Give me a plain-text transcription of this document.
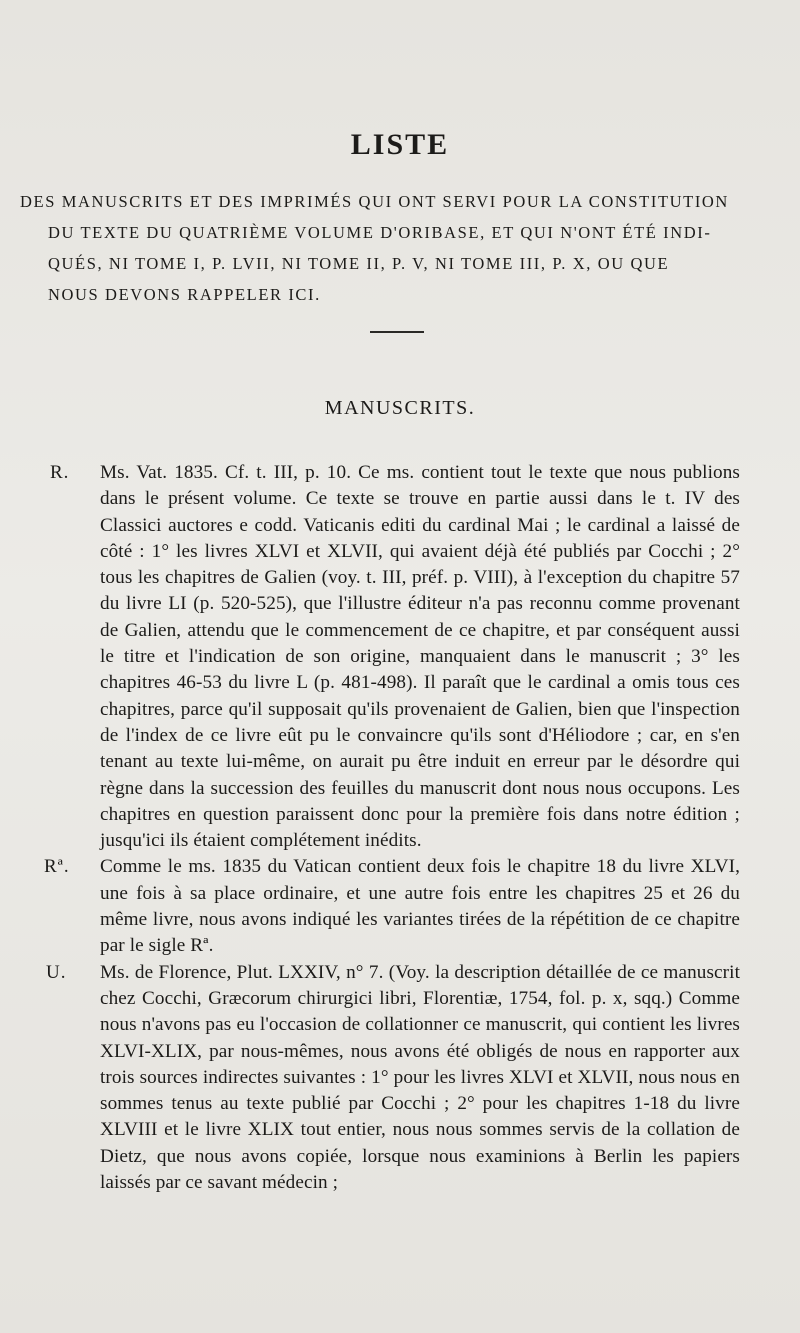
LISTE
DES MANUSCRITS ET DES IMPRIMÉS QUI ONT SERVI POUR LA CONSTITUTION
DU TEXTE DU QUATRIÈME VOLUME D'ORIBASE, ET QUI N'ONT ÉTÉ INDI-
QUÉS, NI TOME I, P. LVII, NI TOME II, P. V, NI TOME III, P. X, OU QUE
NOUS DEVONS RAPPELER ICI.
MANUSCRITS.
R. Ms. Vat. 1835. Cf. t. III, p. 10. Ce ms. contient tout le texte que nous publions dans le présent volume. Ce texte se trouve en partie aussi dans le t. IV des Classici auctores e codd. Vaticanis editi du cardinal Mai ; le cardinal a laissé de côté : 1° les livres XLVI et XLVII, qui avaient déjà été publiés par Cocchi ; 2° tous les chapitres de Galien (voy. t. III, préf. p. VIII), à l'exception du chapitre 57 du livre LI (p. 520-525), que l'illustre éditeur n'a pas reconnu comme provenant de Galien, attendu que le commencement de ce chapitre, et par conséquent aussi le titre et l'indication de son origine, manquaient dans le manuscrit ; 3° les chapitres 46-53 du livre L (p. 481-498). Il paraît que le cardinal a omis tous ces chapitres, parce qu'il supposait qu'ils provenaient de Galien, bien que l'inspection de l'index de ce livre eût pu le convaincre qu'ils sont d'Héliodore ; car, en s'en tenant au texte lui-même, on aurait pu être induit en erreur par le désordre qui règne dans la succession des feuilles du manuscrit dont nous nous occupons. Les chapitres en question paraissent donc pour la première fois dans notre édition ; jusqu'ici ils étaient complétement inédits.
Rª. Comme le ms. 1835 du Vatican contient deux fois le chapitre 18 du livre XLVI, une fois à sa place ordinaire, et une autre fois entre les chapitres 25 et 26 du même livre, nous avons indiqué les variantes tirées de la répétition de ce chapitre par le sigle Rª.
U. Ms. de Florence, Plut. LXXIV, n° 7. (Voy. la description détaillée de ce manuscrit chez Cocchi, Græcorum chirurgici libri, Florentiæ, 1754, fol. p. x, sqq.) Comme nous n'avons pas eu l'occasion de collationner ce manuscrit, qui contient les livres XLVI-XLIX, par nous-mêmes, nous avons été obligés de nous en rapporter aux trois sources indirectes suivantes : 1° pour les livres XLVI et XLVII, nous nous en sommes tenus au texte publié par Cocchi ; 2° pour les chapitres 1-18 du livre XLVIII et le livre XLIX tout entier, nous nous sommes servis de la collation de Dietz, que nous avons copiée, lorsque nous examinions à Berlin les papiers laissés par ce savant médecin ;
